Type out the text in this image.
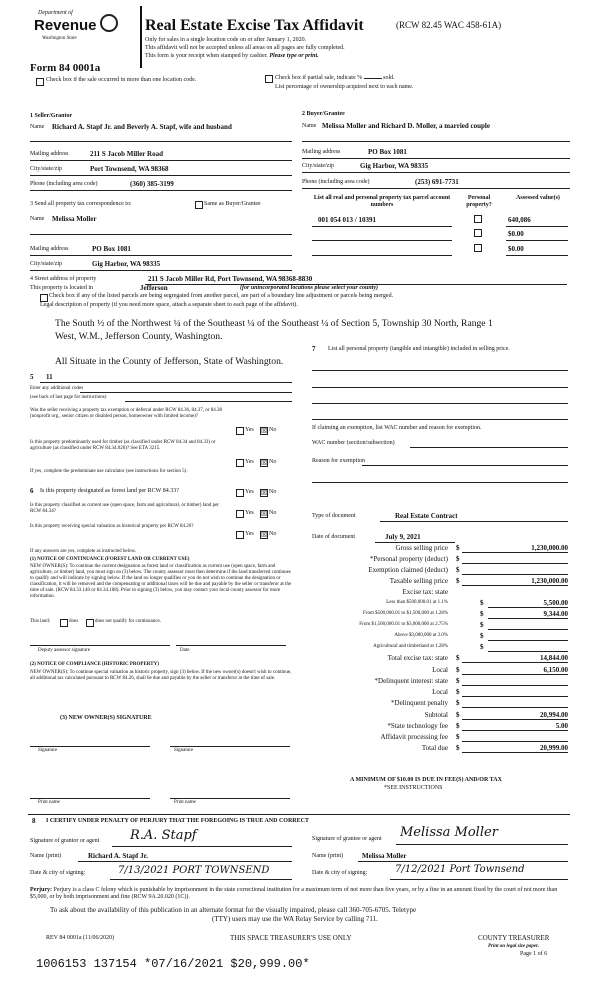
Department of
Revenue
Washington State
Real Estate Excise Tax Affidavit	(RCW 82.45 WAC 458-61A)
Only for sales in a single location code on or after January 1, 2020.
This affidavit will not be accepted unless all areas on all pages are fully completed.
This form is your receipt when stamped by cashier. Please type or print.
Form 84 0001a
Check box if the sale occurred in more than one location code.	Check box if partial sale, indicate %	sold.
List percentage of ownership acquired next to each name.
1 Seller/Grantor
Name Richard A. Stapf Jr. and Beverly A. Stapf, wife and husband
Mailing address	211 S Jacob Miller Road
City/state/zip	Port Townsend, WA 98368
Phone (including area code)	(360) 385-3199
2 Buyer/Grantee
Name Melissa Moller and Richard D. Moller, a married couple
Mailing address	PO Box 1081
City/state/zip	Gig Harbor, WA 98335
Phone (including area code)	(253) 691-7731
3 Send all property tax correspondence to:	Same as Buyer/Grantee
Name Melissa Moller
Mailing address	PO Box 1081
City/state/zip	Gig Harbor, WA 98335
List all real and personal property tax parcel account numbers
Personal property?
Assessed value(s)
001 054 013 / 10391	640,086
$0.00
$0.00
4 Street address of property	211 S Jacob Miller Rd, Port Townsend, WA 98368-8830
This property is located in	Jefferson	(for unincorporated locations please select your county)
Check box if any of the listed parcels are being segregated from another parcel, are part of a boundary line adjustment or parcels being merged.
Legal description of property (if you need more space, attach a separate sheet to each page of the affidavit).
The South ½ of the Northwest ¼ of the Southeast ¼ of the Southeast ¼ of Section 5, Township 30 North, Range 1
West, W.M., Jefferson County, Washington.
All Situate in the County of Jefferson, State of Washington.
5 11
Enter any additional codes
(see back of last page for instructions)
Was the seller receiving a property tax exemption or deferral under RCW 84.36, 84.37, or 84.38 (nonprofit org., senior citizen or disabled person, homeowner with limited income)?
Yes ☒ No
Is this property predominantly used for timber (as classified under RCW 84.34 and 84.33) or agriculture (as classified under RCW 84.34.020)? See ETA 3215.
Yes ☒ No
If yes, complete the predominate use calculator (see instructions for section 5).
6 Is this property designated as forest land per RCW 84.33?	Yes ☒ No
Is this property classified as current use (open space, farm and agricultural, or timber) land per RCW 84.34?	Yes ☒ No
Is this property receiving special valuation as historical property per RCW 84.26?
Yes ☒ No
If any answers are yes, complete as instructed below.
(1) NOTICE OF CONTINUANCE (FOREST LAND OR CURRENT USE)
NEW OWNER(S): To continue the current designation as forest land or classification as current use (open space, farm and agriculture, or timber) land, you must sign on (3) below. The county assessor must then determine if the land transferred continues to qualify and will indicate by signing below. If the land no longer qualifies or you do not wish to continue the designation or classification, it will be removed and the compensating or additional taxes will be due and payable by the seller or transferor at the time of sale. (RCW 84.33.140 or 84.34.108). Prior to signing (3) below, you may contact your local county assessor for more information.
This land:	does	does not qualify for continuance.
Deputy assessor signature	Date
(2) NOTICE OF COMPLIANCE (HISTORIC PROPERTY)
NEW OWNER(S): To continue special valuation as historic property, sign (3) below. If the new owner(s) doesn't wish to continue, all additional tax calculated pursuant to RCW 84.26, shall be due and payable by the seller or transferor at the time of sale.
(3) NEW OWNER(S) SIGNATURE
Signature	Signature
Print name	Print name
7 List all personal property (tangible and intangible) included in selling price.
If claiming an exemption, list WAC number and reason for exemption.
WAC number (section/subsection)
Reason for exemption
Type of document	Real Estate Contract
Date of document	July 9, 2021
Gross selling price $	1,230,000.00
*Personal property (deduct) $
Exemption claimed (deduct) $
Taxable selling price $	1,230,000.00
Excise tax: state
Less than $500,000.01 at 1.1%	$	5,500.00
From $500,000.01 to $1,500,000 at 1.28%	$	9,344.00
From $1,500,000.01 to $3,000,000 at 2.75%	$
Above $3,000,000 at 3.0%	$
Agricultural and timberland at 1.28%	$
Total excise tax: state $	14,844.00
Local $	6,150.00
*Delinquent interest: state $
Local $
*Delinquent penalty $
Subtotal $	20,994.00
*State technology fee $	5.00
Affidavit processing fee $
Total due $	20,999.00
A MINIMUM OF $10.00 IS DUE IN FEE(S) AND/OR TAX
*SEE INSTRUCTIONS
8 I CERTIFY UNDER PENALTY OF PERJURY THAT THE FOREGOING IS TRUE AND CORRECT
Signature of grantor or agent R.A. Stapf	Signature of grantee or agent Melissa Moller
Name (print)	Richard A. Stapf Jr.	Name (print)	Melissa Moller
Date & city of signing:	7/13/2021 PORT TOWNSEND	Date & city of signing:	7/12/2021 Port Townsend
Perjury: Perjury is a class C felony which is punishable by imprisonment in the state correctional institution for a maximum term of not more than five years, or by a fine in an amount fixed by the court of not more than $5,000, or by both imprisonment and fine (RCW 9A.20.020 (1C)).
To ask about the availability of this publication in an alternate format for the visually impaired, please call 360-705-6705. Teletype
(TTY) users may use the WA Relay Service by calling 711.
REV 84 0001a (11/06/2020)	THIS SPACE TREASURER'S USE ONLY	COUNTY TREASURER
Print on legal size paper.
Page 1 of 6
1006153 137154 *07/16/2021 $20,999.00*
